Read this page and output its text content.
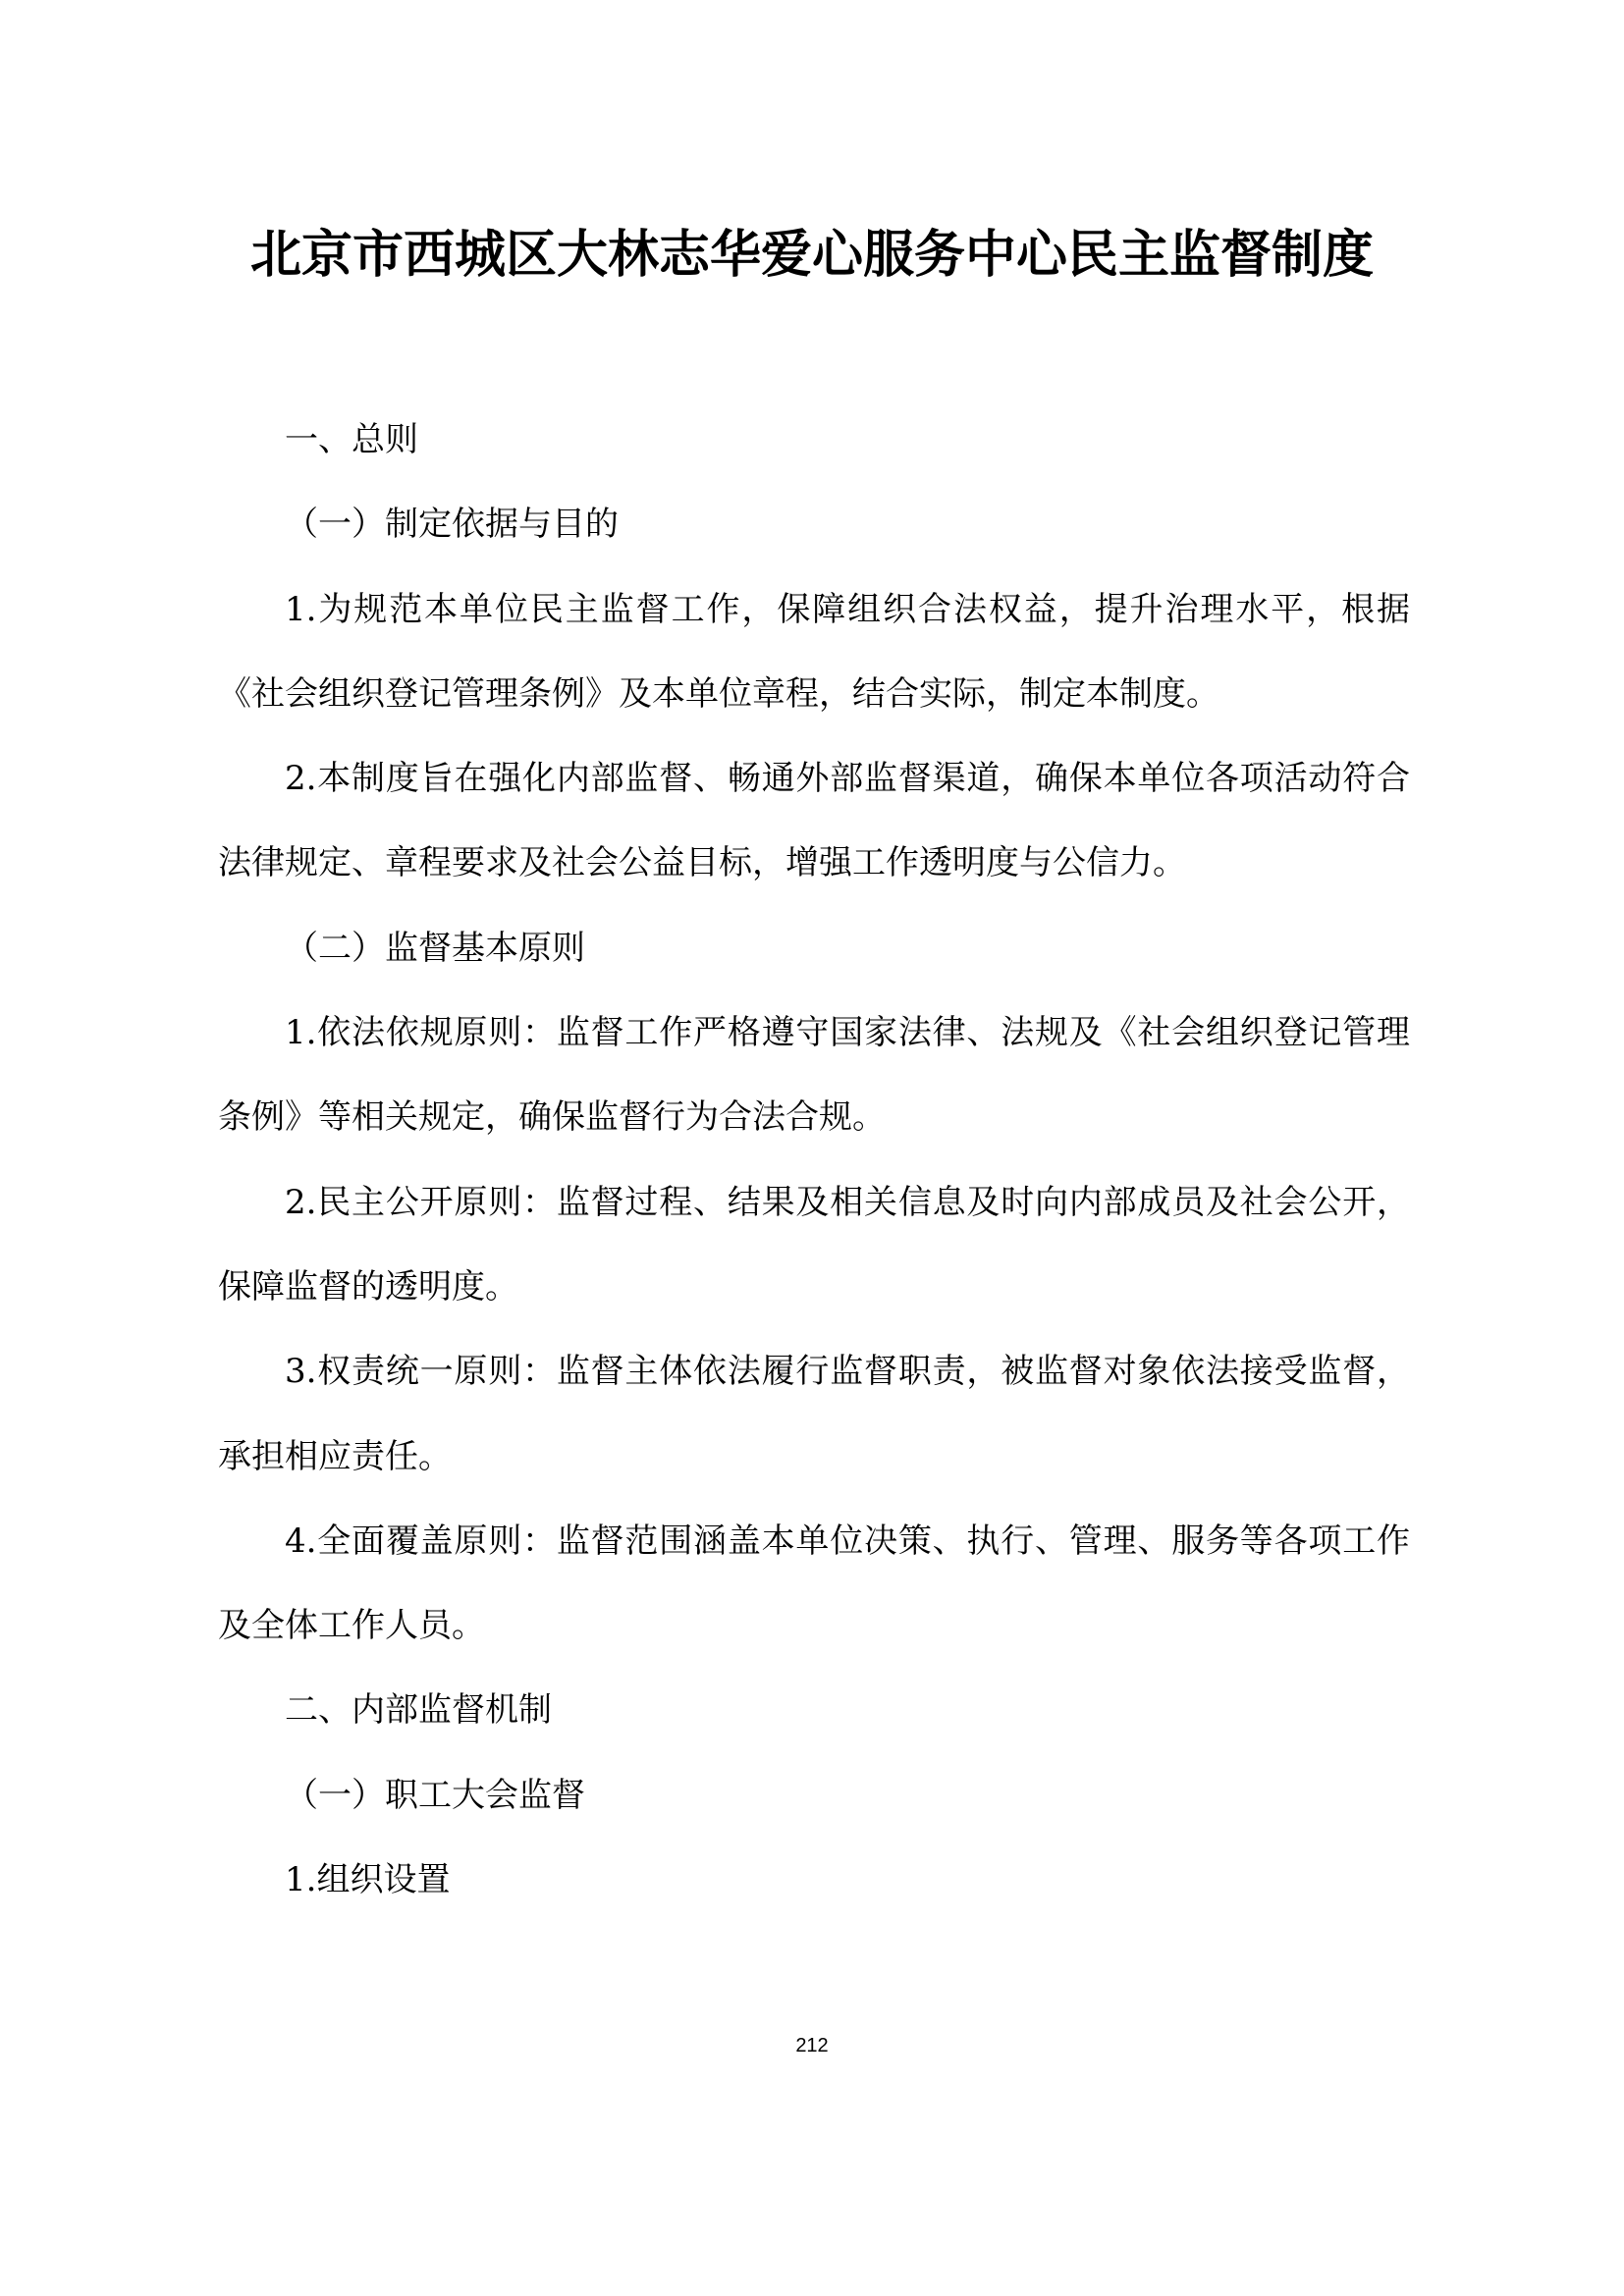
北京市西城区大林志华爱心服务中心民主监督制度

一、总则

（一）制定依据与目的

1.为规范本单位民主监督工作，保障组织合法权益，提升治理水平，根据《社会组织登记管理条例》及本单位章程，结合实际，制定本制度。

2.本制度旨在强化内部监督、畅通外部监督渠道，确保本单位各项活动符合法律规定、章程要求及社会公益目标，增强工作透明度与公信力。

（二）监督基本原则

1.依法依规原则：监督工作严格遵守国家法律、法规及《社会组织登记管理条例》等相关规定，确保监督行为合法合规。

2.民主公开原则：监督过程、结果及相关信息及时向内部成员及社会公开，保障监督的透明度。

3.权责统一原则：监督主体依法履行监督职责，被监督对象依法接受监督，承担相应责任。

4.全面覆盖原则：监督范围涵盖本单位决策、执行、管理、服务等各项工作及全体工作人员。

二、内部监督机制

（一）职工大会监督

1.组织设置

212
